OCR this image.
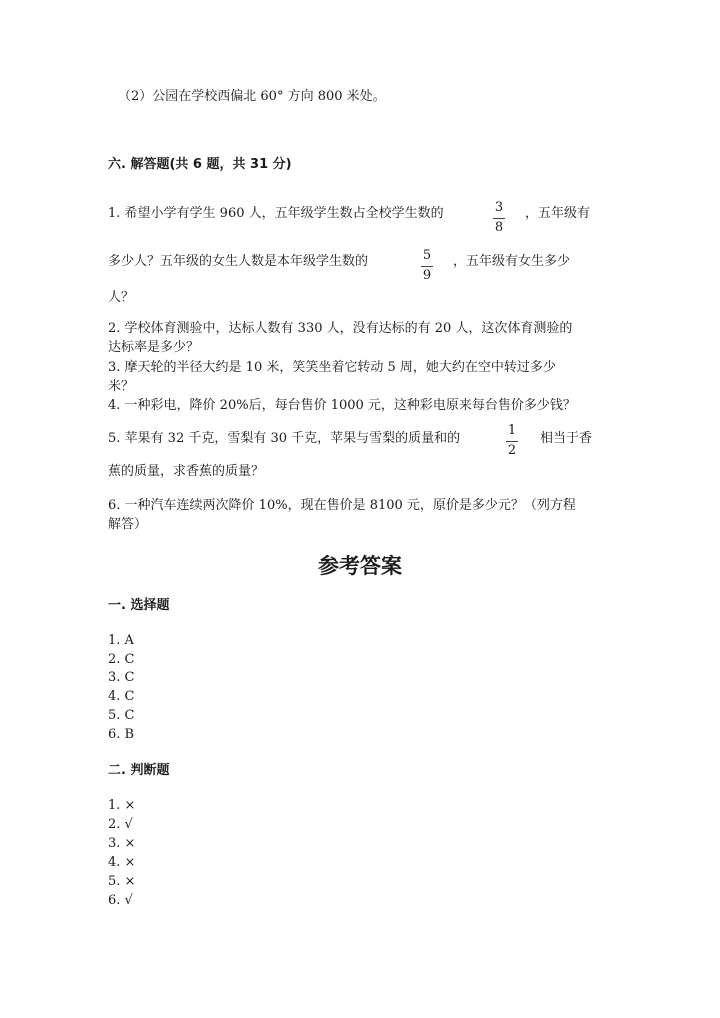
（2）公园在学校西偏北 60° 方向 800 米处。
六. 解答题(共 6 题，共 31 分)
1. 希望小学有学生 960 人，五年级学生数占全校学生数的	3
8
，五年级有
多少人？五年级的女生人数是本年级学生数的	5
9
，五年级有女生多少
人？
2. 学校体育测验中，达标人数有 330 人，没有达标的有 20 人，这次体育测验的
达标率是多少？
3. 摩天轮的半径大约是 10 米，笑笑坐着它转动 5 周，她大约在空中转过多少
米？
4. 一种彩电，降价 20%后，每台售价 1000 元，这种彩电原来每台售价多少钱？
5. 苹果有 32 千克，雪梨有 30 千克，苹果与雪梨的质量和的
1
2
相当于香
蕉的质量，求香蕉的质量？
6. 一种汽车连续两次降价 10%，现在售价是 8100 元，原价是多少元？（列方程
解答）
参考答案
一. 选择题
1. A
2. C
3. C
4. C
5. C
6. B
二. 判断题
1. ×
2. √
3. ×
4. ×
5. ×
6. √
